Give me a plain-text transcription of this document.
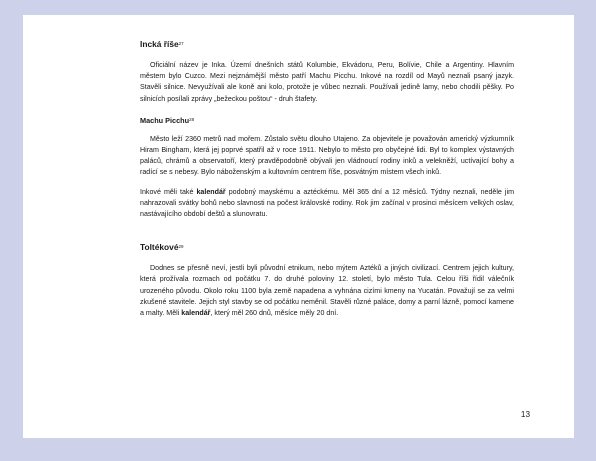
Incká říše$^{27}$

Oficiální název je Inka. Území dnešních států Kolumbie, Ekvádoru, Peru, Bolívie, Chile a Argentiny. Hlavním městem bylo Cuzco. Mezi nejznámější město patří Machu Picchu. Inkové na rozdíl od Mayů neznali psaný jazyk. Stavěli silnice. Nevyužívali ale koně ani kolo, protože je vůbec neznali. Používali jedině lamy, nebo chodili pěšky. Po silnicích posílali zprávy „bežeckou poštou“ - druh štafety.

Machu Picchu$^{28}$

Město leží 2360 metrů nad mořem. Zůstalo světu dlouho Utajeno. Za objevitele je považován americký výzkumník Hiram Bingham, která jej poprvé spatřil až v roce 1911. Nebylo to město pro obyčejné lidi. Byl to komplex výstavných paláců, chrámů a observatoří, který pravděpodobně obývali jen vládnoucí rodiny inků a velekněží, uctívající bohy a radící se s nebesy. Bylo náboženským a kultovním centrem říše, posvátným místem všech inků.

Inkové měli také kalendář podobný mayskému a aztéckému. Měl 365 dní a 12 měsíců. Týdny neznali, neděle jim nahrazovali svátky bohů nebo slavnosti na počest královské rodiny. Rok jim začínal v prosinci měsícem velkých oslav, nastávajícího období deštů a slunovratu.

Toltékové$^{29}$

Dodnes se přesně neví, jestli byli původní etnikum, nebo mýtem Aztéků a jiných civilizací. Centrem jejich kultury, která prožívala rozmach od počátku 7. do druhé poloviny 12. století, bylo město Tula. Celou říši řídil válečník urozeného původu. Okolo roku 1100 byla země napadena a vyhnána cizími kmeny na Yucatán. Považují se za velmi zkušené stavitele. Jejich styl stavby se od počátku neměnil. Stavěli různé paláce, domy a parní lázně, pomocí kamene a malty. Měli kalendář, který měl 260 dnů, měsíce měly 20 dní.

13
